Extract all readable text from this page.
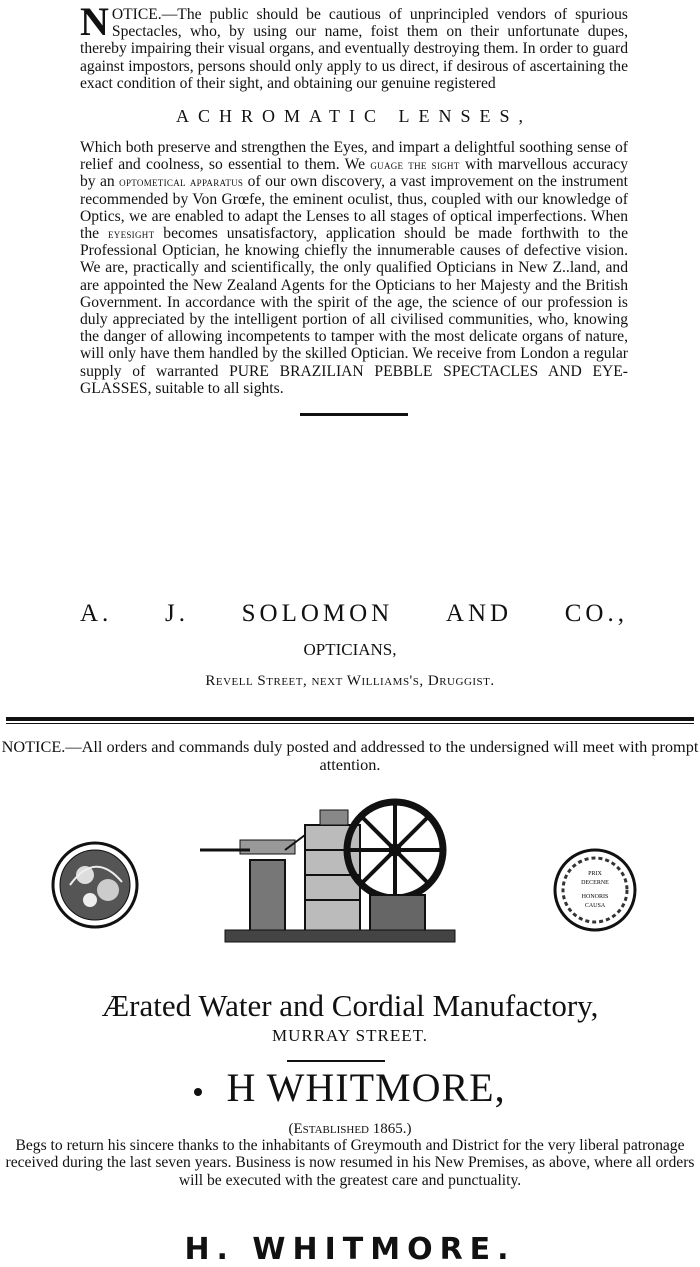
NOTICE.—The public should be cautious of unprincipled vendors of spurious Spectacles, who, by using our name, foist them on their unfortunate dupes, thereby impairing their visual organs, and eventually destroying them. In order to guard against impostors, persons should only apply to us direct, if desirous of ascertaining the exact condition of their sight, and obtaining our genuine registered

ACHROMATIC LENSES,

Which both preserve and strengthen the Eyes, and impart a delightful soothing sense of relief and coolness, so essential to them. We guage the sight with marvellous accuracy by an optometical apparatus of our own discovery, a vast improvement on the instrument recommended by Von Grœfe, the eminent oculist, thus, coupled with our knowledge of Optics, we are enabled to adapt the Lenses to all stages of optical imperfections. When the eyesight becomes unsatisfactory, application should be made forthwith to the Professional Optician, he knowing chiefly the innumerable causes of defective vision. We are, practically and scientifically, the only qualified Opticians in New Z..land, and are appointed the New Zealand Agents for the Opticians to her Majesty and the British Government. In accordance with the spirit of the age, the science of our profession is duly appreciated by the intelligent portion of all civilised communities, who, knowing the danger of allowing incompetents to tamper with the most delicate organs of nature, will only have them handled by the skilled Optician. We receive from London a regular supply of warranted PURE BRAZILIAN PEBBLE SPECTACLES AND EYE-GLASSES, suitable to all sights.

A. J. SOLOMON AND CO.,
OPTICIANS,
Revell Street, next Williams's, Druggist.
NOTICE.—All orders and commands duly posted and addressed to the undersigned will meet with prompt attention.
PRIX
DECERNE
HONORIS
CAUSA
Ærated Water and Cordial Manufactory,
MURRAY STREET.
H WHITMORE,
(Established 1865.)
Begs to return his sincere thanks to the inhabitants of Greymouth and District for the very liberal patronage received during the last seven years. Business is now resumed in his New Premises, as above, where all orders will be executed with the greatest care and punctuality.
H. WHITMORE.
